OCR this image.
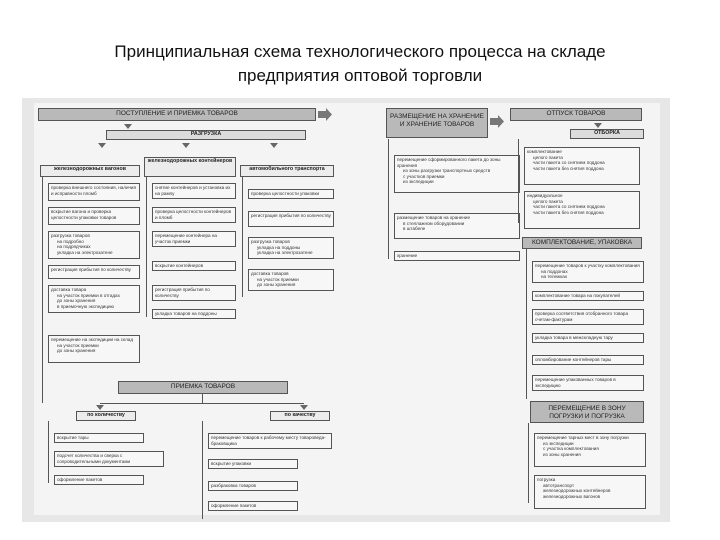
Принципиальная схема технологического процесса на складе
предприятия оптовой торговли
ПОСТУПЛЕНИЕ И ПРИЕМКА ТОВАРОВ
РАЗГРУЗКА
железнодорожных вагонов
железнодорожных контейнеров
автомобильного транспорта
проверка внешнего состояния, наличия и исправности пломб
вскрытие вагона и проверка целостности упаковки товаров
разгрузка товаров
• на подробно
• на подрядчиках
• укладка на электрозатене
регистрация прибытия по количеству
доставка товара
• на участок приемки в отгадах
• до зоны хранения
• в приемочную экспедицию
перемещение на экспедиции на склад
• на участок приемки
• до зоны хранения
снятие контейнеров и установка их на рампу
проверка целостности контейнеров и пломб
перемещение контейнера на участок приемки
вскрытие контейнеров
регистрация прибытия по количеству
укладка товаров на поддоны
проверка целостности упаковки
регистрация прибытия по количеству
разгрузка товаров
• укладка на поддоны
• укладка на электрозатене
доставка товаров
• на участок приемки
• до зоны хранения
ПРИЕМКА ТОВАРОВ
по количеству	по качеству
вскрытие тары
подсчет количества и сверка с сопроводительными документами
оформление пакетов
перемещение товаров к рабочему месту товароведа-браковщика
вскрытие упаковки
разбраковка товаров
оформление пакетов
РАЗМЕЩЕНИЕ НА ХРАНЕНИЕ И ХРАНЕНИЕ ТОВАРОВ
перемещение сформированного пакета до зоны хранения
• из зоны разгрузки транспортных средств
• с участков приемки
• из экспедиции
размещение товаров на хранение
• в стеллажном оборудовании
• в штабеле
хранение
ОТПУСК ТОВАРОВ
ОТБОРКА
комплектование
• целого пакета
• части пакета со снятием поддона
• части пакета без снятия поддона
индивидуальное
• целого пакета
• части пакета со снятием поддона
• части пакета без снятия поддона
КОМПЛЕКТОВАНИЕ, УПАКОВКА
перемещение товаров к участку комплектования
• на поддонах
• на тележках
комплектование товара на покупателей
проверка соответствия отобранного товара счетам-фактурам
укладка товара в межскладную тару
опломбирование контейнеров тары
перемещение упакованных товаров в экспедицию
ПЕРЕМЕЩЕНИЕ В ЗОНУ ПОГРУЗКИ И ПОГРУЗКА
перемещение тарных мест в зону погрузки
• из экспедиции
• с участка комплектования
• из зоны хранения
погрузка
• автотранспорт
• железнодорожных контейнеров
• железнодорожных вагонов
